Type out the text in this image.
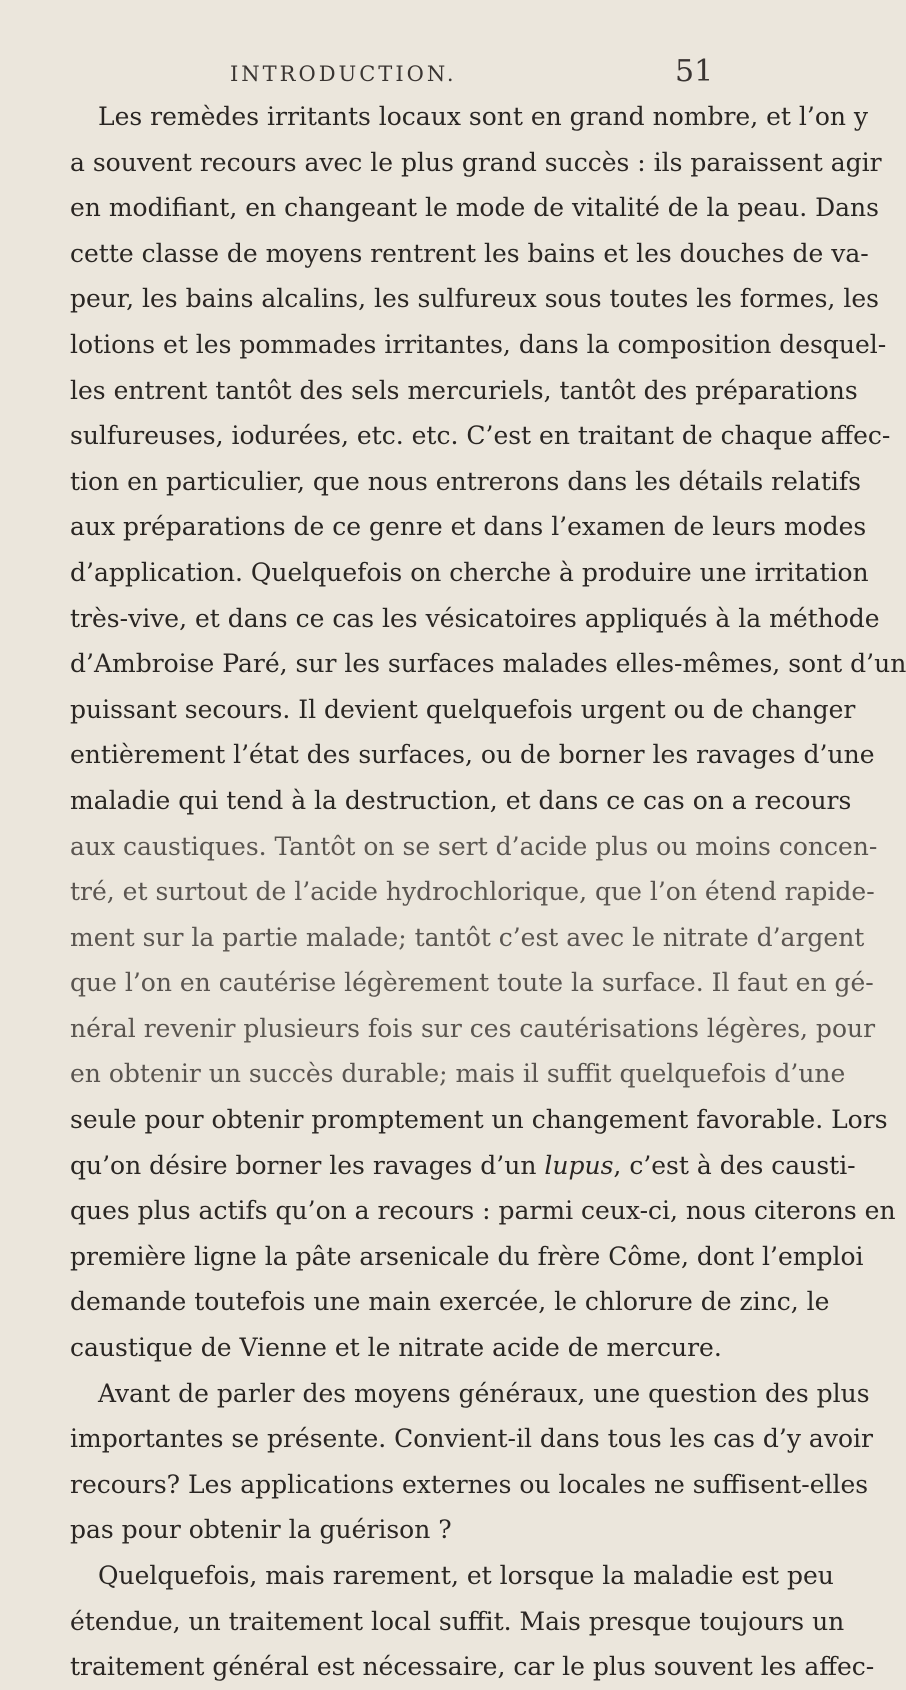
INTRODUCTION.	51
Les remèdes irritants locaux sont en grand nombre, et l’on y
a souvent recours avec le plus grand succès : ils paraissent agir
en modifiant, en changeant le mode de vitalité de la peau. Dans
cette classe de moyens rentrent les bains et les douches de va-
peur, les bains alcalins, les sulfureux sous toutes les formes, les
lotions et les pommades irritantes, dans la composition desquel-
les entrent tantôt des sels mercuriels, tantôt des préparations
sulfureuses, iodurées, etc. etc. C’est en traitant de chaque affec-
tion en particulier, que nous entrerons dans les détails relatifs
aux préparations de ce genre et dans l’examen de leurs modes
d’application. Quelquefois on cherche à produire une irritation
très-vive, et dans ce cas les vésicatoires appliqués à la méthode
d’Ambroise Paré, sur les surfaces malades elles-mêmes, sont d’un
puissant secours. Il devient quelquefois urgent ou de changer
entièrement l’état des surfaces, ou de borner les ravages d’une
maladie qui tend à la destruction, et dans ce cas on a recours
aux caustiques. Tantôt on se sert d’acide plus ou moins concen-
tré, et surtout de l’acide hydrochlorique, que l’on étend rapide-
ment sur la partie malade; tantôt c’est avec le nitrate d’argent
que l’on en cautérise légèrement toute la surface. Il faut en gé-
néral revenir plusieurs fois sur ces cautérisations légères, pour
en obtenir un succès durable; mais il suffit quelquefois d’une
seule pour obtenir promptement un changement favorable. Lors
qu’on désire borner les ravages d’un lupus, c’est à des causti-
ques plus actifs qu’on a recours : parmi ceux-ci, nous citerons en
première ligne la pâte arsenicale du frère Côme, dont l’emploi
demande toutefois une main exercée, le chlorure de zinc, le
caustique de Vienne et le nitrate acide de mercure.
Avant de parler des moyens généraux, une question des plus
importantes se présente. Convient-il dans tous les cas d’y avoir
recours? Les applications externes ou locales ne suffisent-elles
pas pour obtenir la guérison ?
Quelquefois, mais rarement, et lorsque la maladie est peu
étendue, un traitement local suffit. Mais presque toujours un
traitement général est nécessaire, car le plus souvent les affec-
